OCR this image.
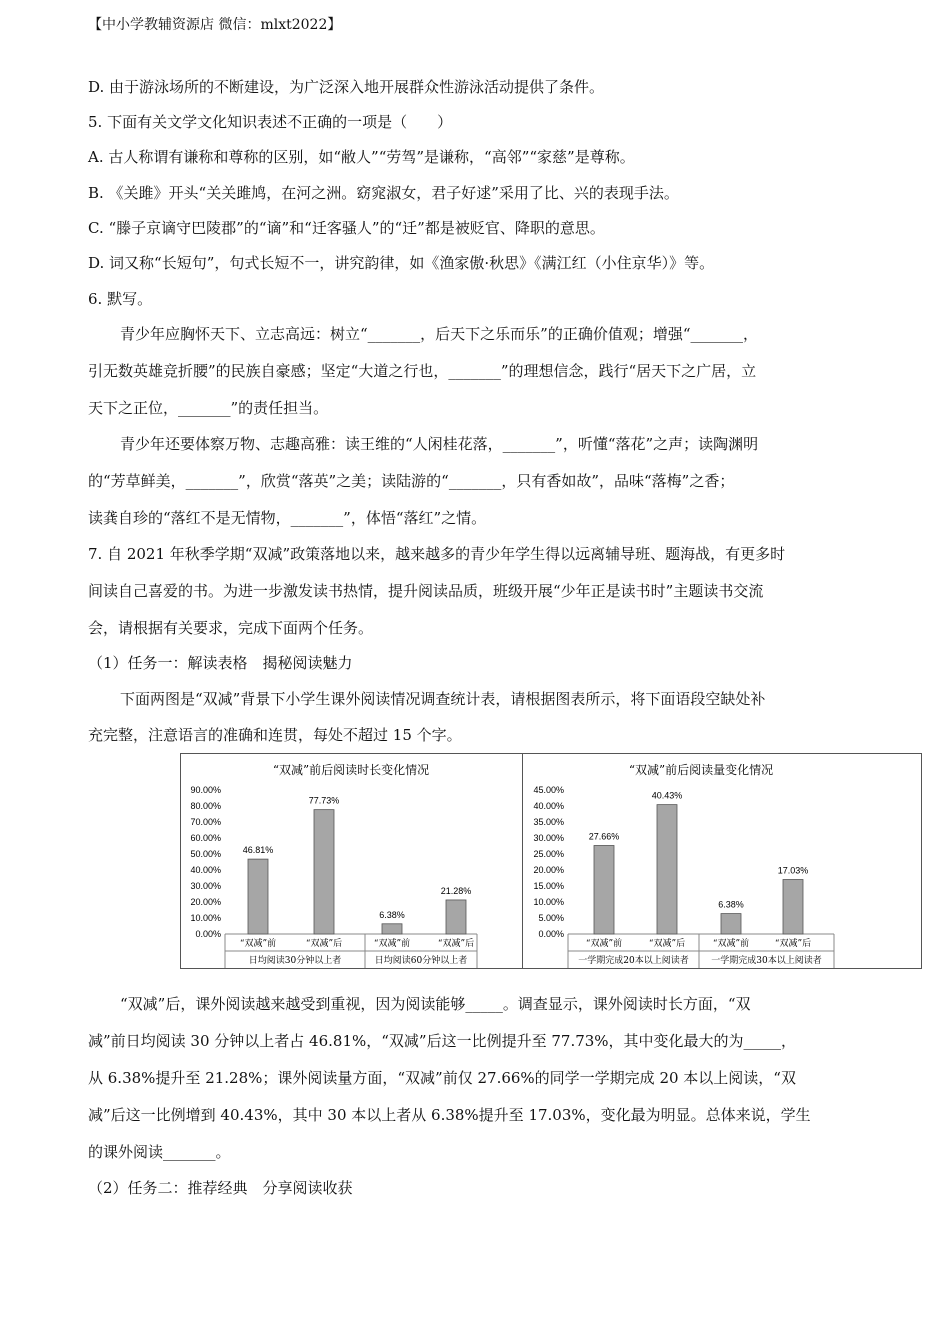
【中小学教辅资源店 微信：mlxt2022】
D. 由于游泳场所的不断建设，为广泛深入地开展群众性游泳活动提供了条件。
5. 下面有关文学文化知识表述不正确的一项是（　　）
A. 古人称谓有谦称和尊称的区别，如“敝人”“劳驾”是谦称，“高邻”“家慈”是尊称。
B. 《关雎》开头“关关雎鸠，在河之洲。窈窕淑女，君子好逑”采用了比、兴的表现手法。
C. “滕子京谪守巴陵郡”的“谪”和“迁客骚人”的“迁”都是被贬官、降职的意思。
D. 词又称“长短句”，句式长短不一，讲究韵律，如《渔家傲·秋思》《满江红（小住京华）》等。
6. 默写。
青少年应胸怀天下、立志高远：树立“_______，后天下之乐而乐”的正确价值观；增强“_______，
引无数英雄竞折腰”的民族自豪感；坚定“大道之行也，_______”的理想信念，践行“居天下之广居，立
天下之正位，_______”的责任担当。
青少年还要体察万物、志趣高雅：读王维的“人闲桂花落，_______”，听懂“落花”之声；读陶渊明
的“芳草鲜美，_______”，欣赏“落英”之美；读陆游的“_______，只有香如故”，品味“落梅”之香；
读龚自珍的“落红不是无情物，_______”，体悟“落红”之情。
7. 自 2021 年秋季学期“双减”政策落地以来，越来越多的青少年学生得以远离辅导班、题海战，有更多时
间读自己喜爱的书。为进一步激发读书热情，提升阅读品质，班级开展“少年正是读书时”主题读书交流
会，请根据有关要求，完成下面两个任务。
（1）任务一：解读表格　揭秘阅读魅力
下面两图是“双减”背景下小学生课外阅读情况调查统计表，请根据图表所示，将下面语段空缺处补
充完整，注意语言的准确和连贯，每处不超过 15 个字。
“双减”前后阅读时长变化情况
90.00%
80.00%
70.00%
60.00%
50.00%
40.00%
30.00%
20.00%
10.00%
0.00%
46.81%
77.73%
6.38%
21.28%
“双减”前	“双减”后	“双减”前	“双减”后
日均阅读30分钟以上者	日均阅读60分钟以上者
“双减”前后阅读量变化情况
45.00%
40.00%
35.00%
30.00%
25.00%
20.00%
15.00%
10.00%
5.00%
0.00%
27.66%
40.43%
6.38%
17.03%
“双减”前	“双减”后	“双减”前	“双减”后
一学期完成20本以上阅读者	一学期完成30本以上阅读者
“双减”后，课外阅读越来越受到重视，因为阅读能够_____。调查显示，课外阅读时长方面，“双
减”前日均阅读 30 分钟以上者占 46.81%，“双减”后这一比例提升至 77.73%，其中变化最大的为_____，
从 6.38%提升至 21.28%；课外阅读量方面，“双减”前仅 27.66%的同学一学期完成 20 本以上阅读，“双
减”后这一比例增到 40.43%，其中 30 本以上者从 6.38%提升至 17.03%，变化最为明显。总体来说，学生
的课外阅读_______。
（2）任务二：推荐经典　分享阅读收获
